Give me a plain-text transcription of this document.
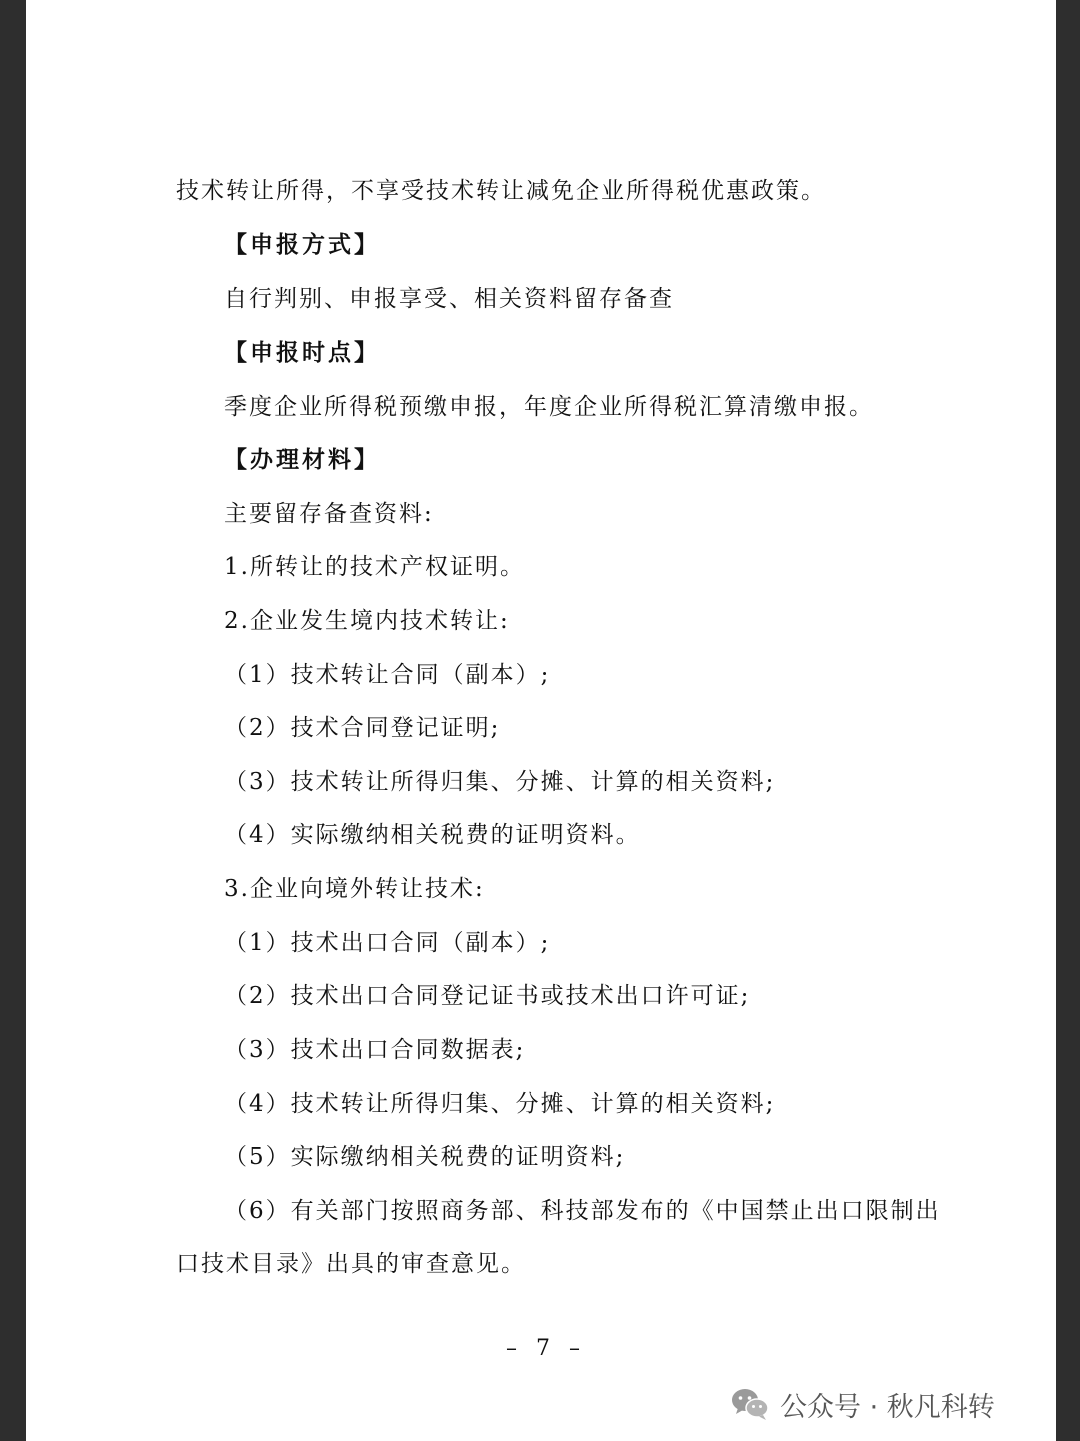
技术转让所得，不享受技术转让减免企业所得税优惠政策。
【申报方式】
自行判别、申报享受、相关资料留存备查
【申报时点】
季度企业所得税预缴申报，年度企业所得税汇算清缴申报。
【办理材料】
主要留存备查资料:
1.所转让的技术产权证明。
2.企业发生境内技术转让:
（1）技术转让合同（副本）;
（2）技术合同登记证明;
（3）技术转让所得归集、分摊、计算的相关资料;
（4）实际缴纳相关税费的证明资料。
3.企业向境外转让技术:
（1）技术出口合同（副本）;
（2）技术出口合同登记证书或技术出口许可证;
（3）技术出口合同数据表;
（4）技术转让所得归集、分摊、计算的相关资料;
（5）实际缴纳相关税费的证明资料;
（6）有关部门按照商务部、科技部发布的《中国禁止出口限制出
口技术目录》出具的审查意见。
– 7 –
公众号 · 秋凡科转
